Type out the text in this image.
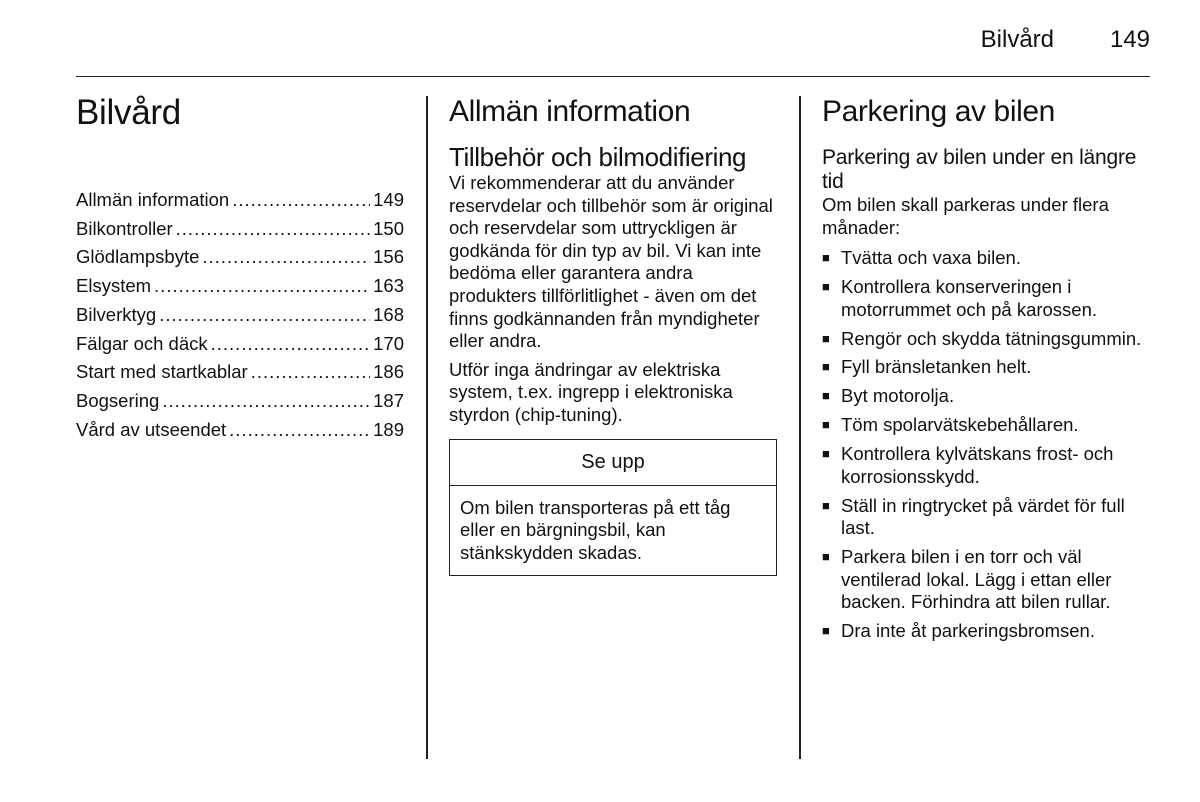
Bilvård 149
Bilvård
Allmän information .....	149
Bilkontroller .....	150
Glödlampsbyte .....	156
Elsystem .....	163
Bilverktyg .....	168
Fälgar och däck .....	170
Start med startkablar .....	186
Bogsering .....	187
Vård av utseendet .....	189
Allmän information
Tillbehör och bilmodifiering

Vi rekommenderar att du använder reservdelar och tillbehör som är original och reservdelar som uttryckligen är godkända för din typ av bil. Vi kan inte bedöma eller garantera andra produkters tillförlitlighet - även om det finns godkännanden från myndigheter eller andra.

Utför inga ändringar av elektriska system, t.ex. ingrepp i elektroniska styrdon (chip-tuning).

Se upp
Om bilen transporteras på ett tåg eller en bärgningsbil, kan stänkskydden skadas.
Parkering av bilen
Parkering av bilen under en längre tid

Om bilen skall parkeras under flera månader:

■ Tvätta och vaxa bilen.
■ Kontrollera konserveringen i motorrummet och på karossen.
■ Rengör och skydda tätningsgummin.
■ Fyll bränsletanken helt.
■ Byt motorolja.
■ Töm spolarvätskebehållaren.
■ Kontrollera kylvätskans frost- och korrosionsskydd.
■ Ställ in ringtrycket på värdet för full last.
■ Parkera bilen i en torr och väl ventilerad lokal. Lägg i ettan eller backen. Förhindra att bilen rullar.
■ Dra inte åt parkeringsbromsen.
